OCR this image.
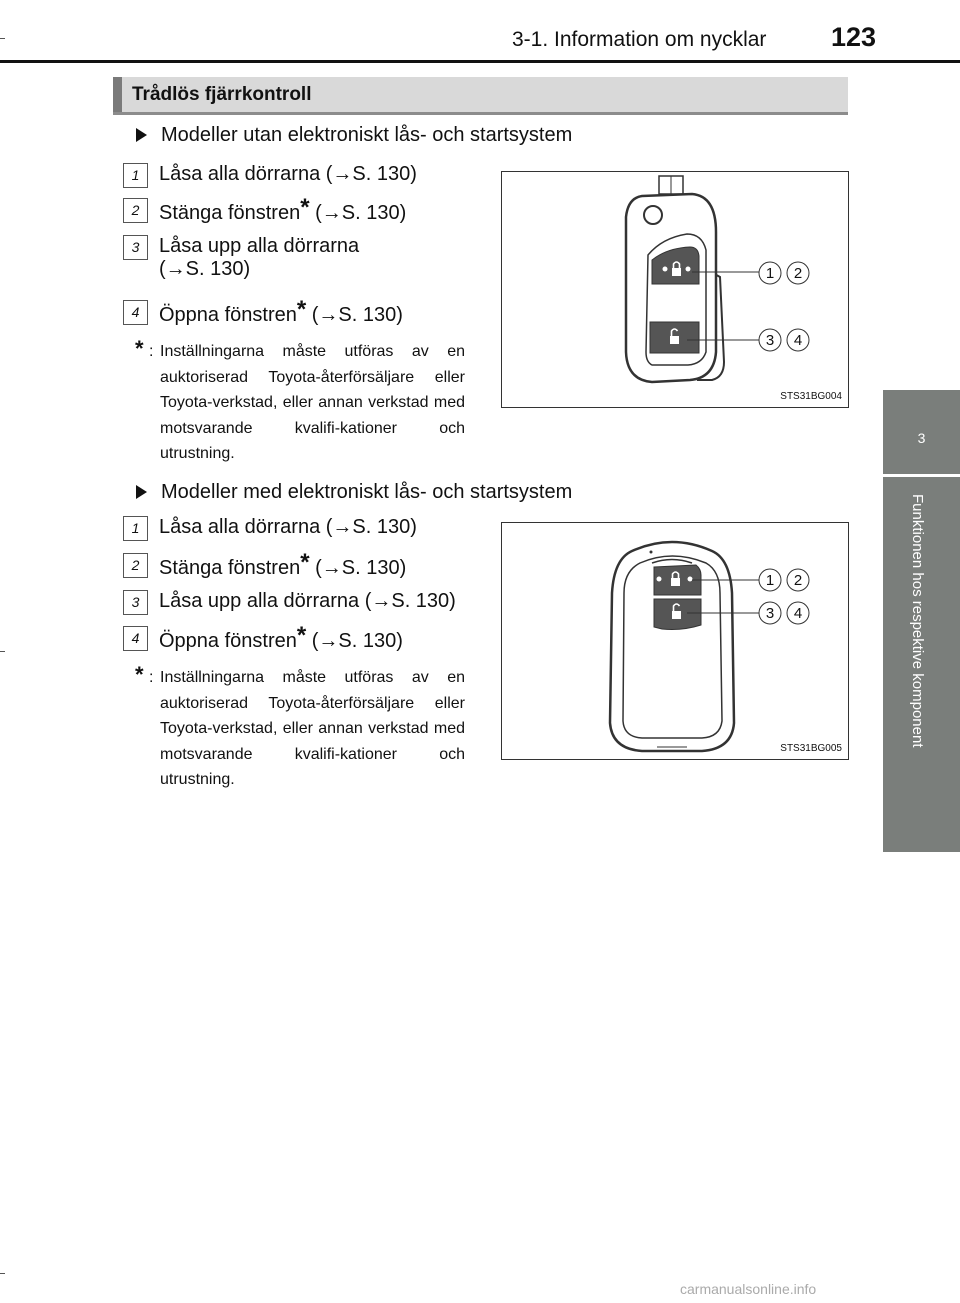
3-1. Information om nycklar 123
3
Funktionen hos respektive komponent
Trådlös fjärrkontroll
Modeller utan elektroniskt lås- och startsystem
1 Låsa alla dörrarna (→S. 130)
2 Stänga fönstren* (→S. 130)
3 Låsa upp alla dörrarna
(→S. 130)
4 Öppna fönstren* (→S. 130)
* : Inställningarna måste utföras av en auktoriserad Toyota-återförsäljare eller Toyota-verkstad, eller annan verkstad med motsvarande kvalifi-kationer och utrustning.
1 2
3 4
STS31BG004
Modeller med elektroniskt lås- och startsystem
1 Låsa alla dörrarna (→S. 130)
2 Stänga fönstren* (→S. 130)
3 Låsa upp alla dörrarna (→S. 130)
4 Öppna fönstren* (→S. 130)
* : Inställningarna måste utföras av en auktoriserad Toyota-återförsäljare eller Toyota-verkstad, eller annan verkstad med motsvarande kvalifi-kationer och utrustning.
1 2
3 4
STS31BG005
carmanualsonline.info
